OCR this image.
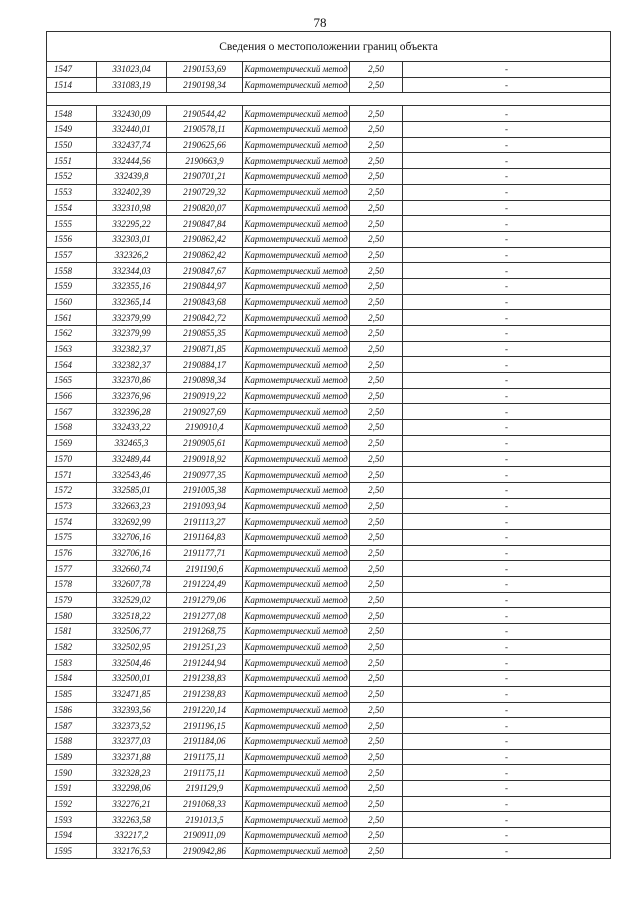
78
Сведения о местоположении границ объекта					
1547	331023,04	2190153,69	Картометрический метод	2,50	-
1514	331083,19	2190198,34	Картометрический метод	2,50	-

1548	332430,09	2190544,42	Картометрический метод	2,50	-
1549	332440,01	2190578,11	Картометрический метод	2,50	-
1550	332437,74	2190625,66	Картометрический метод	2,50	-
1551	332444,56	2190663,9	Картометрический метод	2,50	-
1552	332439,8	2190701,21	Картометрический метод	2,50	-
1553	332402,39	2190729,32	Картометрический метод	2,50	-
1554	332310,98	2190820,07	Картометрический метод	2,50	-
1555	332295,22	2190847,84	Картометрический метод	2,50	-
1556	332303,01	2190862,42	Картометрический метод	2,50	-
1557	332326,2	2190862,42	Картометрический метод	2,50	-
1558	332344,03	2190847,67	Картометрический метод	2,50	-
1559	332355,16	2190844,97	Картометрический метод	2,50	-
1560	332365,14	2190843,68	Картометрический метод	2,50	-
1561	332379,99	2190842,72	Картометрический метод	2,50	-
1562	332379,99	2190855,35	Картометрический метод	2,50	-
1563	332382,37	2190871,85	Картометрический метод	2,50	-
1564	332382,37	2190884,17	Картометрический метод	2,50	-
1565	332370,86	2190898,34	Картометрический метод	2,50	-
1566	332376,96	2190919,22	Картометрический метод	2,50	-
1567	332396,28	2190927,69	Картометрический метод	2,50	-
1568	332433,22	2190910,4	Картометрический метод	2,50	-
1569	332465,3	2190905,61	Картометрический метод	2,50	-
1570	332489,44	2190918,92	Картометрический метод	2,50	-
1571	332543,46	2190977,35	Картометрический метод	2,50	-
1572	332585,01	2191005,38	Картометрический метод	2,50	-
1573	332663,23	2191093,94	Картометрический метод	2,50	-
1574	332692,99	2191113,27	Картометрический метод	2,50	-
1575	332706,16	2191164,83	Картометрический метод	2,50	-
1576	332706,16	2191177,71	Картометрический метод	2,50	-
1577	332660,74	2191190,6	Картометрический метод	2,50	-
1578	332607,78	2191224,49	Картометрический метод	2,50	-
1579	332529,02	2191279,06	Картометрический метод	2,50	-
1580	332518,22	2191277,08	Картометрический метод	2,50	-
1581	332506,77	2191268,75	Картометрический метод	2,50	-
1582	332502,95	2191251,23	Картометрический метод	2,50	-
1583	332504,46	2191244,94	Картометрический метод	2,50	-
1584	332500,01	2191238,83	Картометрический метод	2,50	-
1585	332471,85	2191238,83	Картометрический метод	2,50	-
1586	332393,56	2191220,14	Картометрический метод	2,50	-
1587	332373,52	2191196,15	Картометрический метод	2,50	-
1588	332377,03	2191184,06	Картометрический метод	2,50	-
1589	332371,88	2191175,11	Картометрический метод	2,50	-
1590	332328,23	2191175,11	Картометрический метод	2,50	-
1591	332298,06	2191129,9	Картометрический метод	2,50	-
1592	332276,21	2191068,33	Картометрический метод	2,50	-
1593	332263,58	2191013,5	Картометрический метод	2,50	-
1594	332217,2	2190911,09	Картометрический метод	2,50	-
1595	332176,53	2190942,86	Картометрический метод	2,50	-
